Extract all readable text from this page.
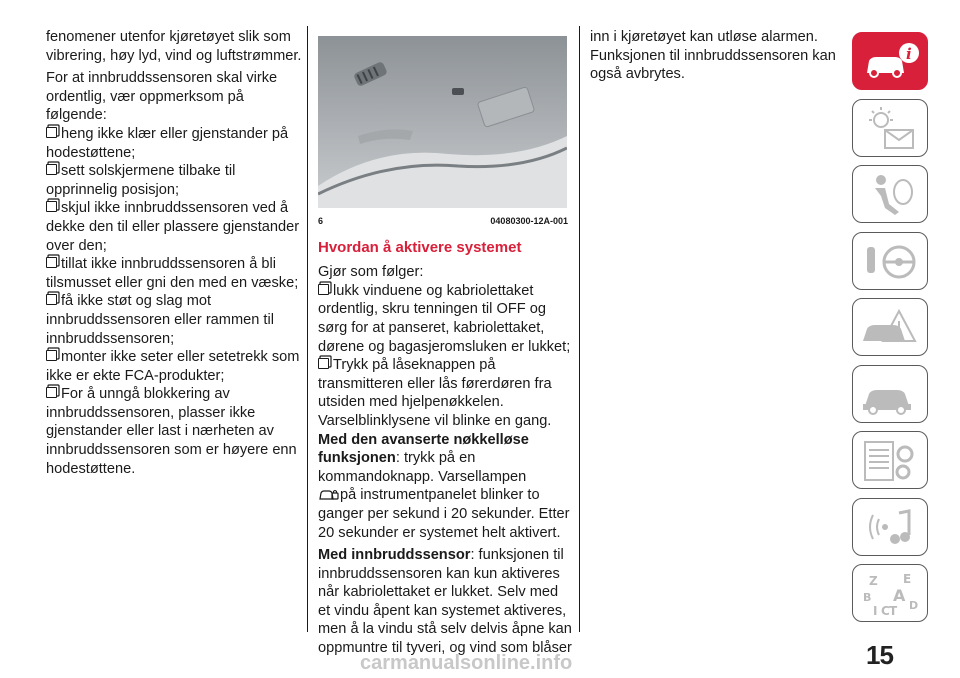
fenomener utenfor kjøretøyet slik som vibrering, høy lyd, vind og luftstrømmer.

For at innbruddssensoren skal virke ordentlig, vær oppmerksom på følgende:

heng ikke klær eller gjenstander på hodestøttene;
sett solskjermene tilbake til opprinnelig posisjon;
skjul ikke innbruddssensoren ved å dekke den til eller plassere gjenstander over den;
tillat ikke innbruddssensoren å bli tilsmusset eller gni den med en væske;
få ikke støt og slag mot innbruddssensoren eller rammen til innbruddssensoren;
monter ikke seter eller setetrekk som ikke er ekte FCA-produkter;
For å unngå blokkering av innbruddssensoren, plasser ikke gjenstander eller last i nærheten av innbruddssensoren som er høyere enn hodestøttene.
6	04080300-12A-001
Hvordan å aktivere systemet
Gjør som følger:
lukk vinduene og kabriolettaket ordentlig, skru tenningen til OFF og sørg for at panseret, kabriolettaket, dørene og bagasjeromsluken er lukket;
Trykk på låseknappen på transmitteren eller lås førerdøren fra utsiden med hjelpenøkkelen.
Varselblinklysene vil blinke en gang.

Med den avanserte nøkkelløse funksjonen: trykk på en kommandoknapp. Varsellampen
på instrumentpanelet blinker to ganger per sekund i 20 sekunder. Etter 20 sekunder er systemet helt aktivert.

Med innbruddssensor: funksjonen til innbruddssensoren kan kun aktiveres når kabriolettaket er lukket. Selv med et vindu åpent kan systemet aktiveres, men å la vindu stå selv delvis åpne kan oppmuntre til tyveri, og vind som blåser

inn i kjøretøyet kan utløse alarmen. Funksjonen til innbruddssensoren kan også avbrytes.

i
Z E
B A
I C T D
15
carmanualsonline.info
